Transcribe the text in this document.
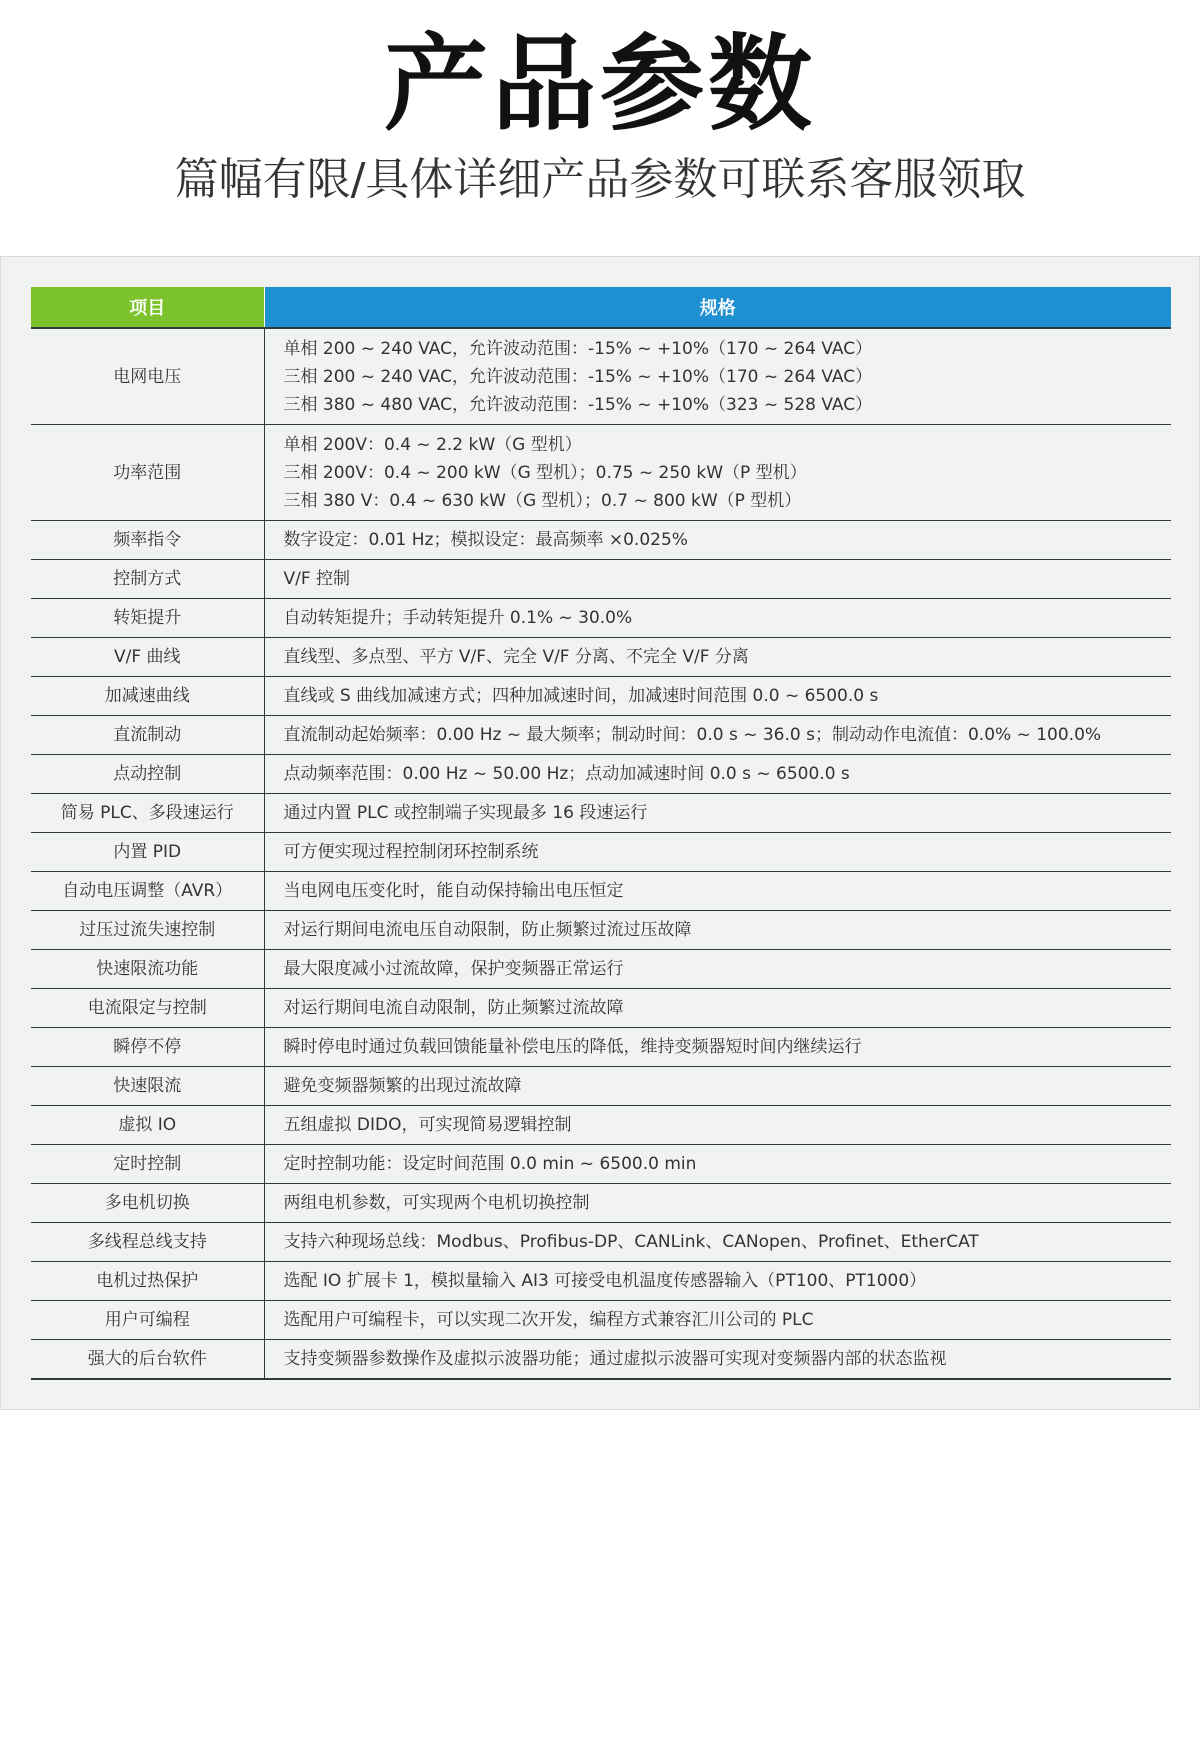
产品参数
篇幅有限/具体详细产品参数可联系客服领取
项目	规格
电网电压	单相 200 ~ 240 VAC，允许波动范围：-15% ~ +10%（170 ~ 264 VAC）
三相 200 ~ 240 VAC，允许波动范围：-15% ~ +10%（170 ~ 264 VAC）
三相 380 ~ 480 VAC，允许波动范围：-15% ~ +10%（323 ~ 528 VAC）

功率范围	单相 200V：0.4 ~ 2.2 kW（G 型机）
三相 200V：0.4 ~ 200 kW（G 型机）；0.75 ~ 250 kW（P 型机）
三相 380 V：0.4 ~ 630 kW（G 型机）；0.7 ~ 800 kW（P 型机）

频率指令	数字设定：0.01 Hz；模拟设定：最高频率 ×0.025%
控制方式	V/F 控制
转矩提升	自动转矩提升；手动转矩提升 0.1% ~ 30.0%
V/F 曲线	直线型、多点型、平方 V/F、完全 V/F 分离、不完全 V/F 分离
加减速曲线	直线或 S 曲线加减速方式；四种加减速时间，加减速时间范围 0.0 ~ 6500.0 s
直流制动	直流制动起始频率：0.00 Hz ~ 最大频率；制动时间：0.0 s ~ 36.0 s；制动动作电流值：0.0% ~ 100.0%
点动控制	点动频率范围：0.00 Hz ~ 50.00 Hz；点动加减速时间 0.0 s ~ 6500.0 s
简易 PLC、多段速运行	通过内置 PLC 或控制端子实现最多 16 段速运行
内置 PID	可方便实现过程控制闭环控制系统
自动电压调整（AVR）	当电网电压变化时，能自动保持输出电压恒定
过压过流失速控制	对运行期间电流电压自动限制，防止频繁过流过压故障
快速限流功能	最大限度减小过流故障，保护变频器正常运行
电流限定与控制	对运行期间电流自动限制，防止频繁过流故障
瞬停不停	瞬时停电时通过负载回馈能量补偿电压的降低，维持变频器短时间内继续运行
快速限流	避免变频器频繁的出现过流故障
虚拟 IO	五组虚拟 DIDO，可实现简易逻辑控制
定时控制	定时控制功能：设定时间范围 0.0 min ~ 6500.0 min
多电机切换	两组电机参数，可实现两个电机切换控制
多线程总线支持	支持六种现场总线：Modbus、Profibus-DP、CANLink、CANopen、Profinet、EtherCAT
电机过热保护	选配 IO 扩展卡 1，模拟量输入 AI3 可接受电机温度传感器输入（PT100、PT1000）
用户可编程	选配用户可编程卡，可以实现二次开发，编程方式兼容汇川公司的 PLC
强大的后台软件	支持变频器参数操作及虚拟示波器功能；通过虚拟示波器可实现对变频器内部的状态监视
